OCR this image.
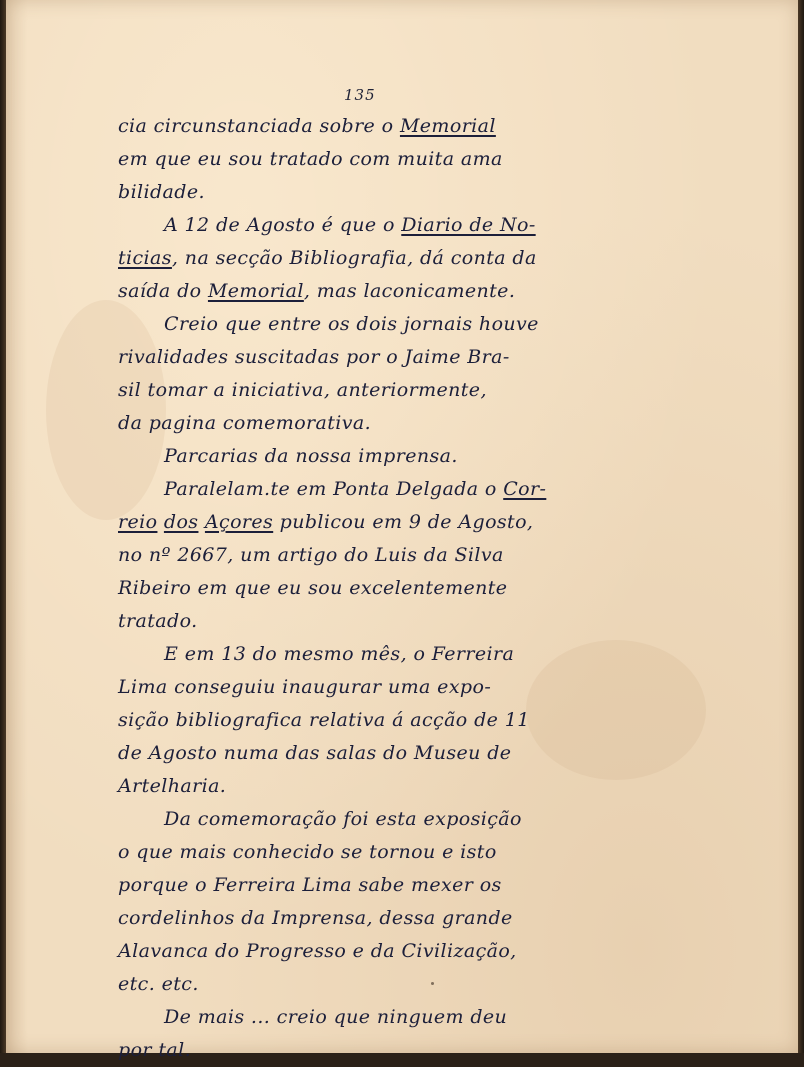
135
cia circunstanciada sobre o Memorial
em que eu sou tratado com muita ama
bilidade.
A 12 de Agosto é que o Diario de No-
ticias, na secção Bibliografia, dá conta da
saída do Memorial, mas laconicamente.
Creio que entre os dois jornais houve
rivalidades suscitadas por o Jaime Bra-
sil tomar a iniciativa, anteriormente,
da pagina comemorativa.
Parcarias da nossa imprensa.
Paralelam.te em Ponta Delgada o Cor-
reio dos Açores publicou em 9 de Agosto,
no nº 2667, um artigo do Luis da Silva
Ribeiro em que eu sou excelentemente
tratado.
E em 13 do mesmo mês, o Ferreira
Lima conseguiu inaugurar uma expo-
sição bibliografica relativa á acção de 11
de Agosto numa das salas do Museu de
Artelharia.
Da comemoração foi esta exposição
o que mais conhecido se tornou e isto
porque o Ferreira Lima sabe mexer os
cordelinhos da Imprensa, dessa grande
Alavanca do Progresso e da Civilização,
etc. etc.
De mais ... creio que ninguem deu
por tal.
